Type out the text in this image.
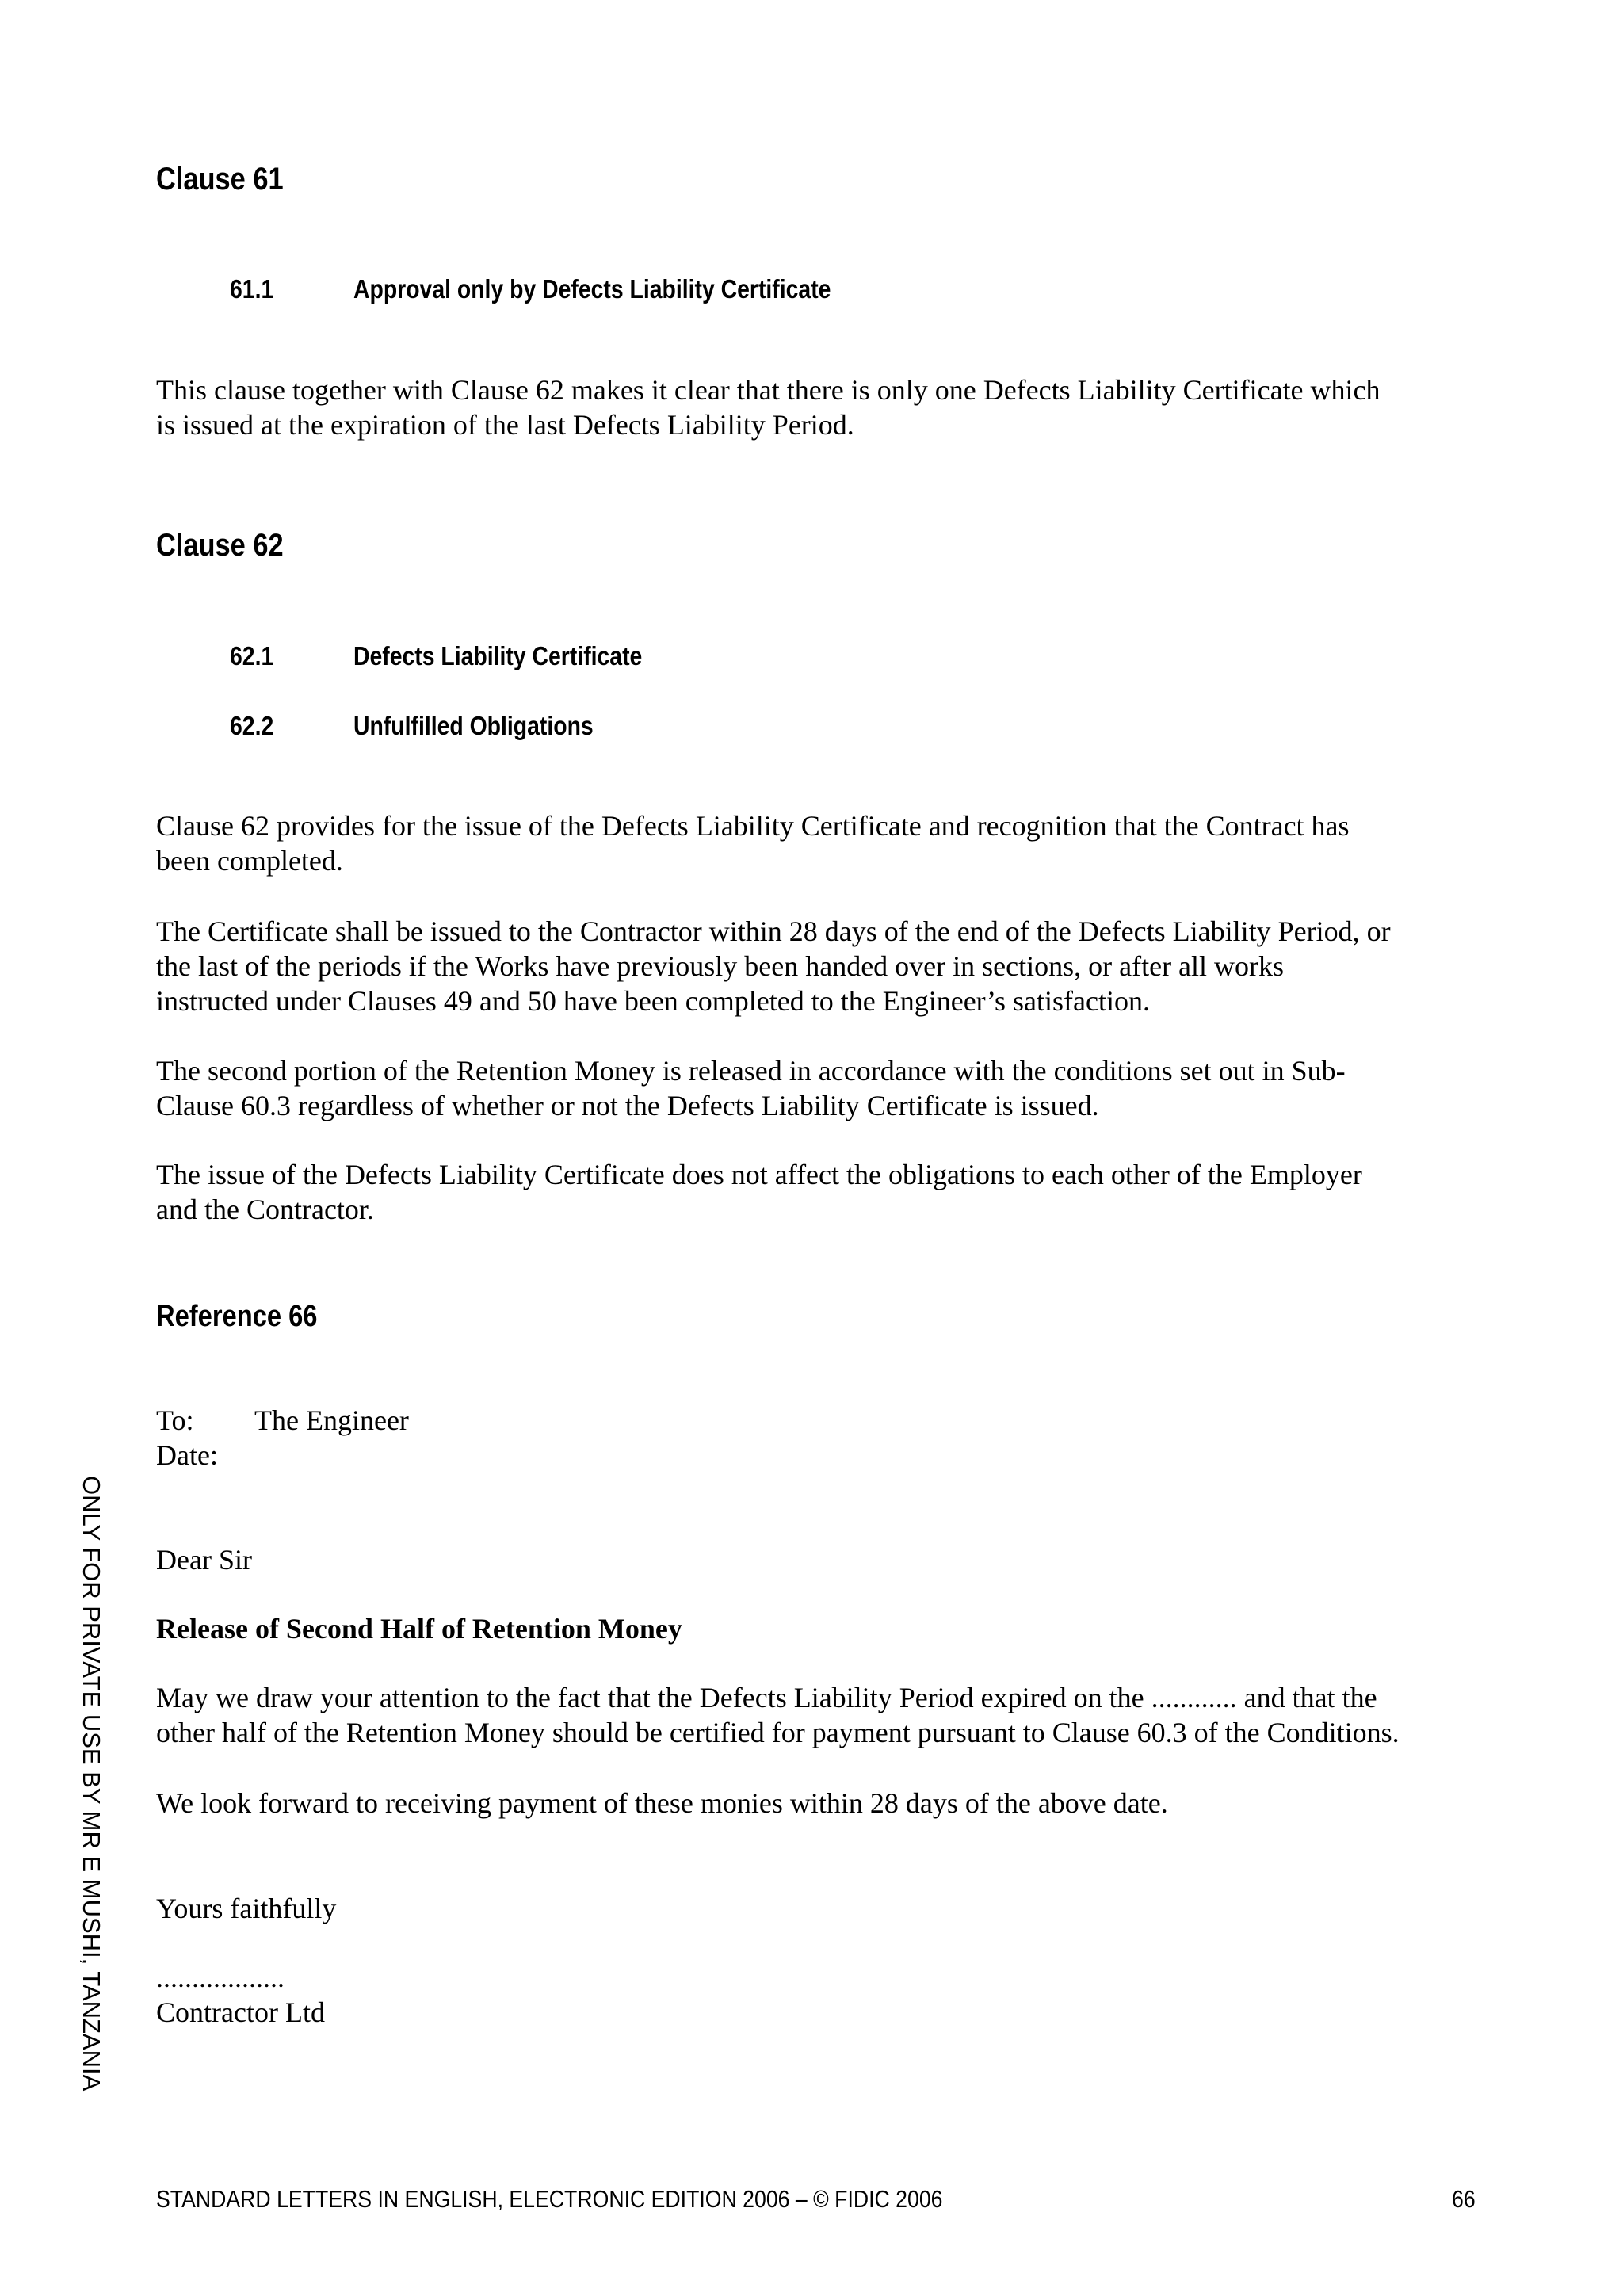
Clause 61
61.1	Approval only by Defects Liability Certificate
This clause together with Clause 62 makes it clear that there is only one Defects Liability Certificate which
is issued at the expiration of the last Defects Liability Period.
Clause 62
62.1	Defects Liability Certificate
62.2	Unfulfilled Obligations
Clause 62 provides for the issue of the Defects Liability Certificate and recognition that the Contract has
been completed.
The Certificate shall be issued to the Contractor within 28 days of the end of the Defects Liability Period, or
the last of the periods if the Works have previously been handed over in sections, or after all works
instructed under Clauses 49 and 50 have been completed to the Engineer’s satisfaction.
The second portion of the Retention Money is released in accordance with the conditions set out in Sub-
Clause 60.3 regardless of whether or not the Defects Liability Certificate is issued.
The issue of the Defects Liability Certificate does not affect the obligations to each other of the Employer
and the Contractor.
Reference 66
To: The Engineer
Date:
Dear Sir
Release of Second Half of Retention Money
May we draw your attention to the fact that the Defects Liability Period expired on the ............ and that the
other half of the Retention Money should be certified for payment pursuant to Clause 60.3 of the Conditions.
We look forward to receiving payment of these monies within 28 days of the above date.
Yours faithfully
..................
Contractor Ltd
ONLY FOR PRIVATE USE BY MR E MUSHI, TANZANIA
STANDARD LETTERS IN ENGLISH, ELECTRONIC EDITION 2006 – © FIDIC 2006	66
